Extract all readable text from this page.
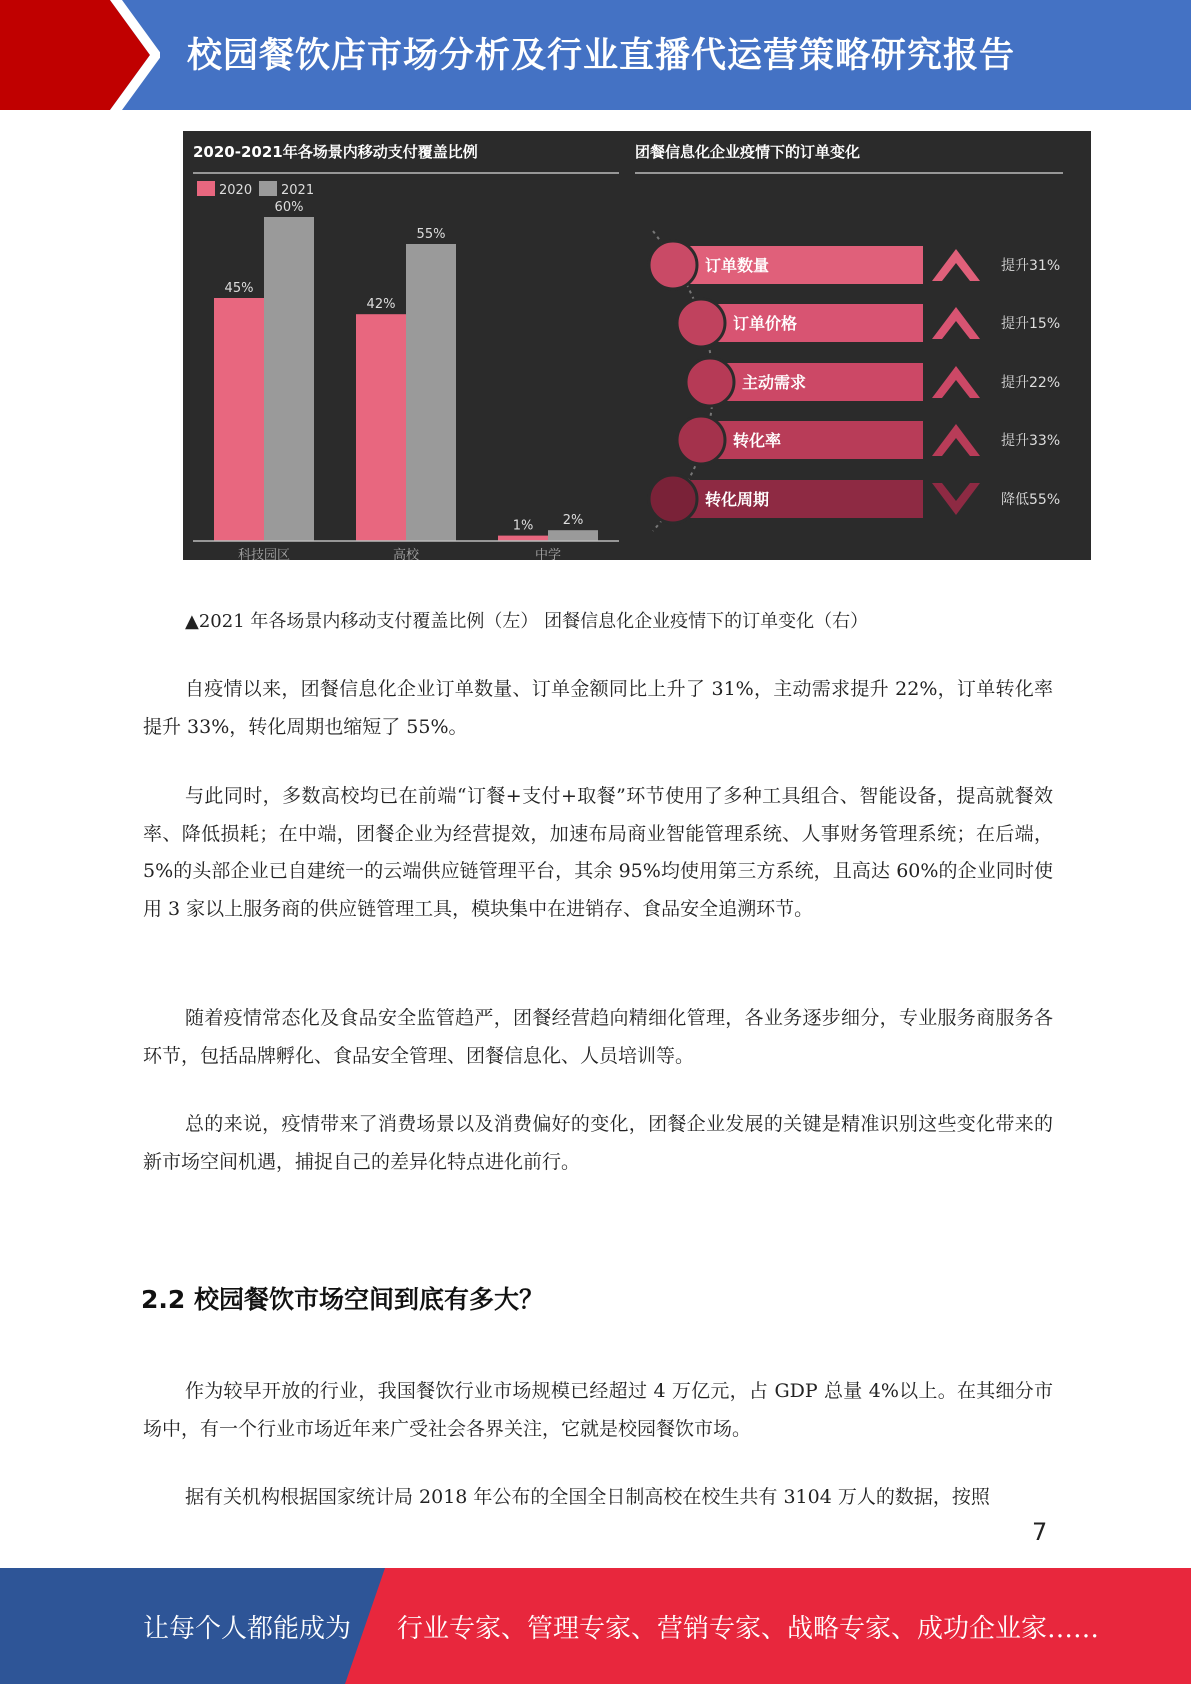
校园餐饮店市场分析及行业直播代运营策略研究报告
2020-2021年各场景内移动支付覆盖比例
2020 2021
45%
60%
科技园区
42%
55%
高校
1% 2%
中学
团餐信息化企业疫情下的订单变化
订单数量	提升31%
订单价格	提升15%
主动需求	提升22%
转化率	提升33%
转化周期	降低55%
▲2021 年各场景内移动支付覆盖比例（左） 团餐信息化企业疫情下的订单变化（右）

自疫情以来，团餐信息化企业订单数量、订单金额同比上升了 31%，主动需求提升 22%，订单转化率提升 33%，转化周期也缩短了 55%。

与此同时，多数高校均已在前端“订餐+支付+取餐”环节使用了多种工具组合、智能设备，提高就餐效率、降低损耗；在中端，团餐企业为经营提效，加速布局商业智能管理系统、人事财务管理系统；在后端，5%的头部企业已自建统一的云端供应链管理平台，其余 95%均使用第三方系统，且高达 60%的企业同时使用 3 家以上服务商的供应链管理工具，模块集中在进销存、食品安全追溯环节。

随着疫情常态化及食品安全监管趋严，团餐经营趋向精细化管理，各业务逐步细分，专业服务商服务各环节，包括品牌孵化、食品安全管理、团餐信息化、人员培训等。

总的来说，疫情带来了消费场景以及消费偏好的变化，团餐企业发展的关键是精准识别这些变化带来的新市场空间机遇，捕捉自己的差异化特点进化前行。

2.2 校园餐饮市场空间到底有多大？

作为较早开放的行业，我国餐饮行业市场规模已经超过 4 万亿元，占 GDP 总量 4%以上。在其细分市场中，有一个行业市场近年来广受社会各界关注，它就是校园餐饮市场。

据有关机构根据国家统计局 2018 年公布的全国全日制高校在校生共有 3104 万人的数据，按照

7
让每个人都能成为 行业专家、管理专家、营销专家、战略专家、成功企业家……
